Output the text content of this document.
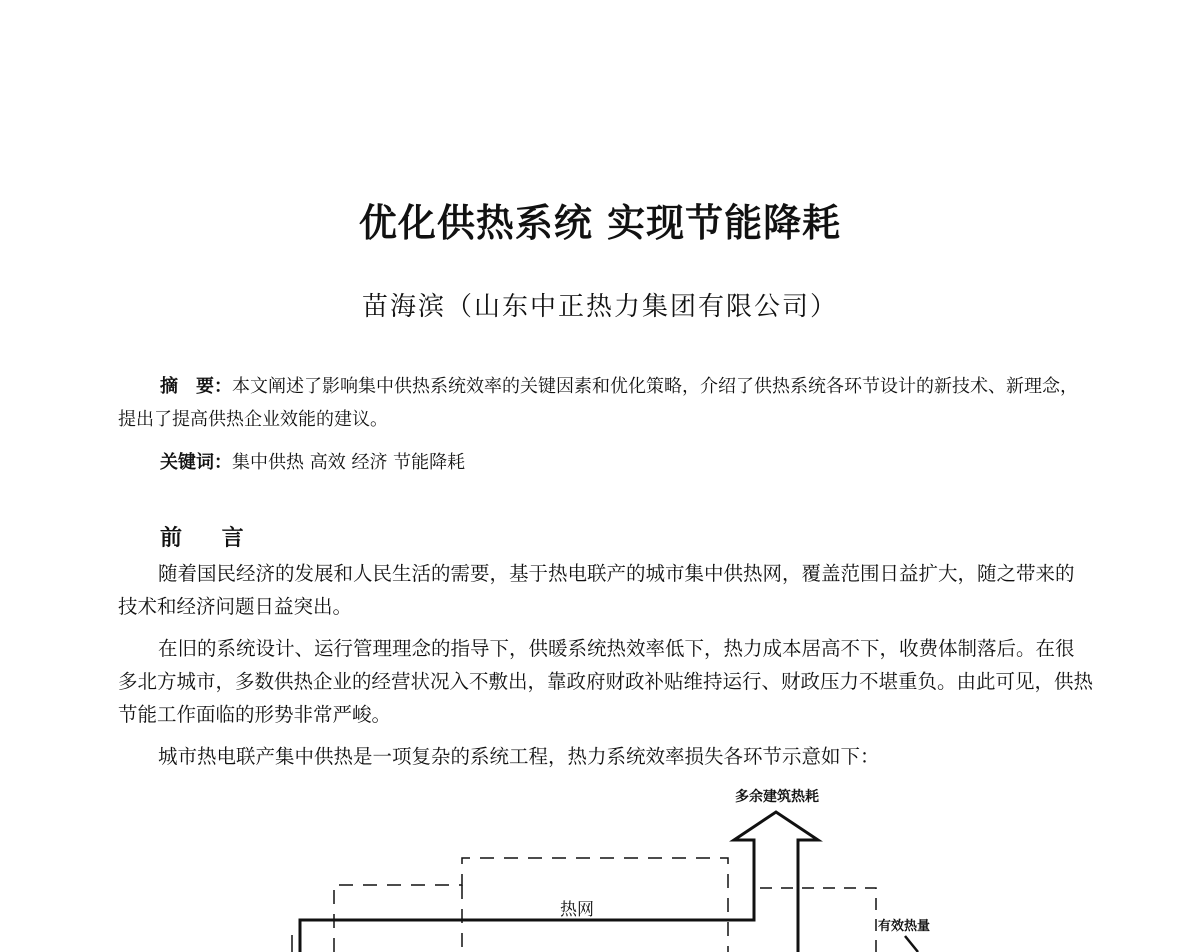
优化供热系统 实现节能降耗
苗海滨（山东中正热力集团有限公司）

摘　要：本文阐述了影响集中供热系统效率的关键因素和优化策略，介绍了供热系统各环节设计的新技术、新理念，提出了提高供热企业效能的建议。

关键词：集中供热 高效 经济 节能降耗

前 言

随着国民经济的发展和人民生活的需要，基于热电联产的城市集中供热网，覆盖范围日益扩大，随之带来的技术和经济问题日益突出。

在旧的系统设计、运行管理理念的指导下，供暖系统热效率低下，热力成本居高不下，收费体制落后。在很多北方城市，多数供热企业的经营状况入不敷出，靠政府财政补贴维持运行、财政压力不堪重负。由此可见，供热节能工作面临的形势非常严峻。

城市热电联产集中供热是一项复杂的系统工程，热力系统效率损失各环节示意如下：

多余建筑热耗
热网
有效热量
